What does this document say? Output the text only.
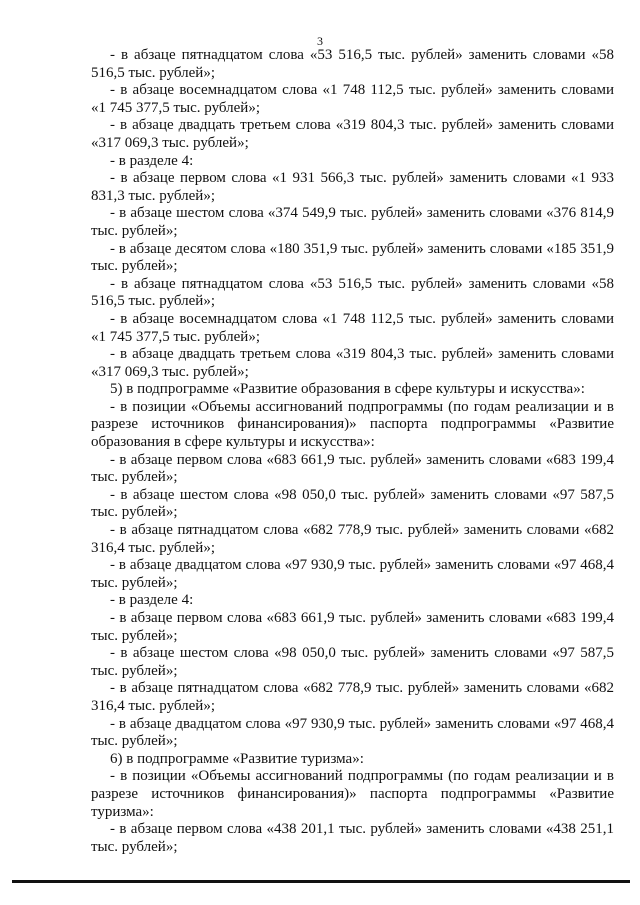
3

- в абзаце пятнадцатом слова «53 516,5 тыс. рублей» заменить словами «58 516,5 тыс. рублей»;

- в абзаце восемнадцатом слова «1 748 112,5 тыс. рублей» заменить словами «1 745 377,5 тыс. рублей»;

- в абзаце двадцать третьем слова «319 804,3 тыс. рублей» заменить словами «317 069,3 тыс. рублей»;

- в разделе 4:

- в абзаце первом слова «1 931 566,3 тыс. рублей» заменить словами «1 933 831,3 тыс. рублей»;

- в абзаце шестом слова «374 549,9 тыс. рублей» заменить словами «376 814,9 тыс. рублей»;

- в абзаце десятом слова «180 351,9 тыс. рублей» заменить словами «185 351,9 тыс. рублей»;

- в абзаце пятнадцатом слова «53 516,5 тыс. рублей» заменить словами «58 516,5 тыс. рублей»;

- в абзаце восемнадцатом слова «1 748 112,5 тыс. рублей» заменить словами «1 745 377,5 тыс. рублей»;

- в абзаце двадцать третьем слова «319 804,3 тыс. рублей» заменить словами «317 069,3 тыс. рублей»;

5) в подпрограмме «Развитие образования в сфере культуры и искусства»:

- в позиции «Объемы ассигнований подпрограммы (по годам реализации и в разрезе источников финансирования)» паспорта подпрограммы «Развитие образования в сфере культуры и искусства»:

- в абзаце первом слова «683 661,9 тыс. рублей» заменить словами «683 199,4 тыс. рублей»;

- в абзаце шестом слова «98 050,0 тыс. рублей» заменить словами «97 587,5 тыс. рублей»;

- в абзаце пятнадцатом слова «682 778,9 тыс. рублей» заменить словами «682 316,4 тыс. рублей»;

- в абзаце двадцатом слова «97 930,9 тыс. рублей» заменить словами «97 468,4 тыс. рублей»;

- в разделе 4:

- в абзаце первом слова «683 661,9 тыс. рублей» заменить словами «683 199,4 тыс. рублей»;

- в абзаце шестом слова «98 050,0 тыс. рублей» заменить словами «97 587,5 тыс. рублей»;

- в абзаце пятнадцатом слова «682 778,9 тыс. рублей» заменить словами «682 316,4 тыс. рублей»;

- в абзаце двадцатом слова «97 930,9 тыс. рублей» заменить словами «97 468,4 тыс. рублей»;

6) в подпрограмме «Развитие туризма»:

- в позиции «Объемы ассигнований подпрограммы (по годам реализации и в разрезе источников финансирования)» паспорта подпрограммы «Развитие туризма»:

- в абзаце первом слова «438 201,1 тыс. рублей» заменить словами «438 251,1 тыс. рублей»;
